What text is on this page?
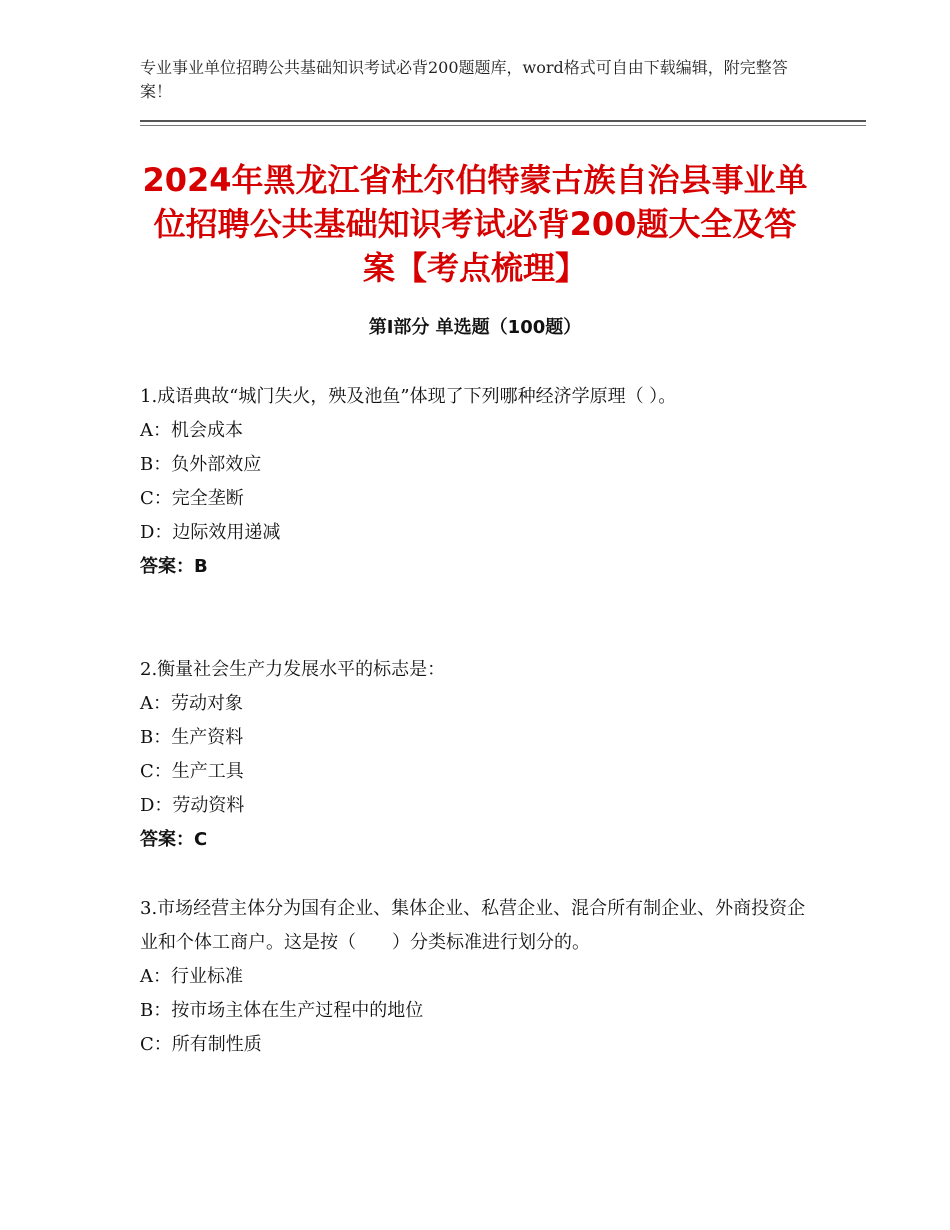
专业事业单位招聘公共基础知识考试必背200题题库，word格式可自由下载编辑，附完整答案！
2024年黑龙江省杜尔伯特蒙古族自治县事业单位招聘公共基础知识考试必背200题大全及答案【考点梳理】
第Ⅰ部分 单选题（100题）

1.成语典故“城门失火，殃及池鱼”体现了下列哪种经济学原理（ ）。

A：机会成本

B：负外部效应

C：完全垄断

D：边际效用递减

答案：B

2.衡量社会生产力发展水平的标志是：

A：劳动对象

B：生产资料

C：生产工具

D：劳动资料

答案：C

3.市场经营主体分为国有企业、集体企业、私营企业、混合所有制企业、外商投资企业和个体工商户。这是按（　　）分类标准进行划分的。

A：行业标准

B：按市场主体在生产过程中的地位

C：所有制性质
